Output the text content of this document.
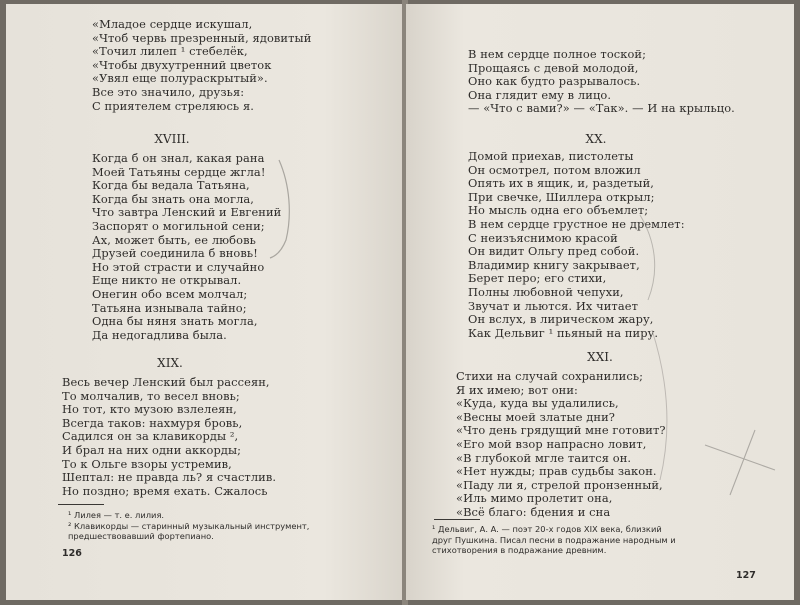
«Младое сердце искушал,
«Чтоб червь презренный, ядовитый
«Точил лилеп ¹ стебелёк,
«Чтобы двухутренний цветок
«Увял еще полураскрытый».
Все это значило, друзья:
С приятелем стреляюсь я.
XVIII.
Когда б он знал, какая рана
Моей Татьяны сердце жгла!
Когда бы ведала Татьяна,
Когда бы знать она могла,
Что завтра Ленский и Евгений
Заспорят о могильной сени;
Ах, может быть, ее любовь
Друзей соединила б вновь!
Но этой страсти и случайно
Еще никто не открывал.
Онегин обо всем молчал;
Татьяна изнывала тайно;
Одна бы няня знать могла,
Да недогадлива была.
XIX.
Весь вечер Ленский был рассеян,
То молчалив, то весел вновь;
Но тот, кто музою взлелеян,
Всегда таков: нахмуря бровь,
Садился он за клавикорды ²,
И брал на них одни аккорды;
То к Ольге взоры устремив,
Шептал: не правда ль? я счастлив.
Но поздно; время ехать. Сжалось
¹ Лилея — т. е. лилия.
² Клавикорды — старинный музыкальный инструмент,
предшествовавший фортепиано.
126
В нем сердце полное тоской;
Прощаясь с девой молодой,
Оно как будто разрывалось.
Она глядит ему в лицо.
— «Что с вами?» — «Так». — И на крыльцо.
XX.
Домой приехав, пистолеты
Он осмотрел, потом вложил
Опять их в ящик, и, раздетый,
При свечке, Шиллера открыл;
Но мысль одна его объемлет;
В нем сердце грустное не дремлет:
С неизъяснимою красой
Он видит Ольгу пред собой.
Владимир книгу закрывает,
Берет перо; его стихи,
Полны любовной чепухи,
Звучат и льются. Их читает
Он вслух, в лирическом жару,
Как Дельвиг ¹ пьяный на пиру.
XXI.
Стихи на случай сохранились;
Я их имею; вот они:
«Куда, куда вы удалились,
«Весны моей златые дни?
«Что день грядущий мне готовит?
«Его мой взор напрасно ловит,
«В глубокой мгле таится он.
«Нет нужды; прав судьбы закон.
«Паду ли я, стрелой пронзенный,
«Иль мимо пролетит она,
«Всё благо: бдения и сна
¹ Дельвиг, А. А. — поэт 20-х годов XIX века, близкий
друг Пушкина. Писал песни в подражание народным и
стихотворения в подражание древним.
127
